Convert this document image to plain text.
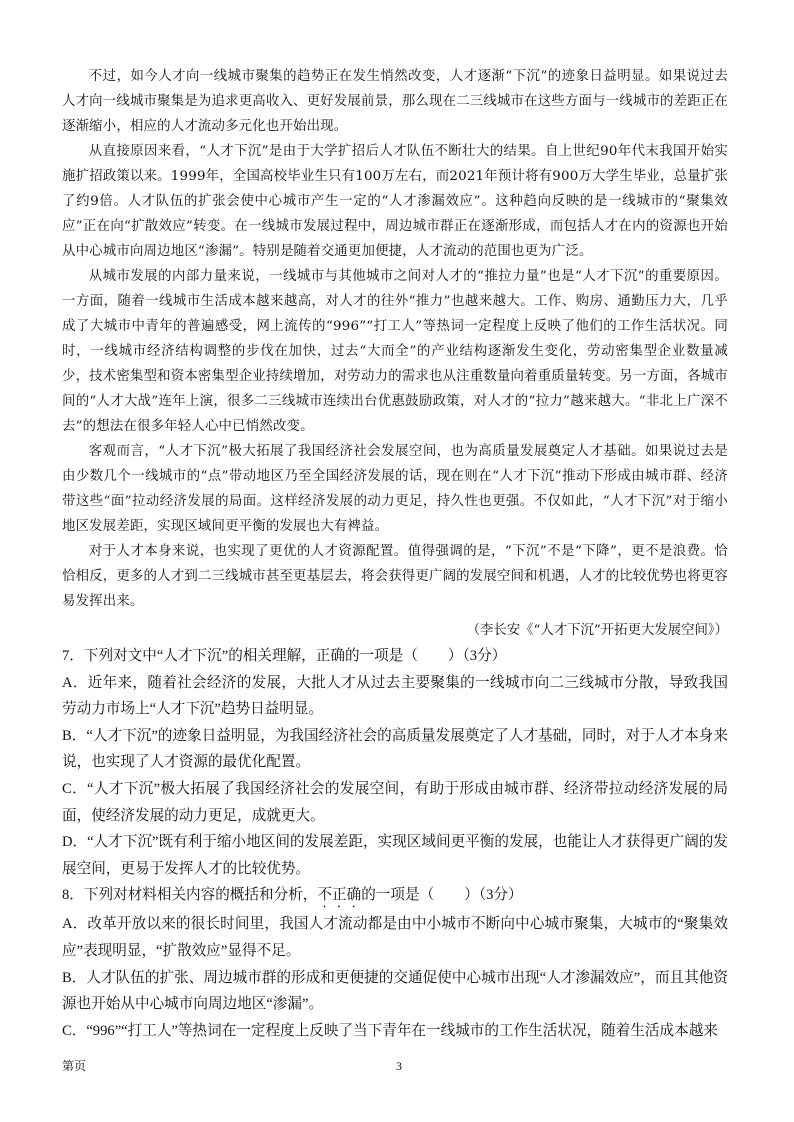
不过，如今人才向一线城市聚集的趋势正在发生悄然改变，人才逐渐“下沉”的迹象日益明显。如果说过去人才向一线城市聚集是为追求更高收入、更好发展前景，那么现在二三线城市在这些方面与一线城市的差距正在逐渐缩小，相应的人才流动多元化也开始出现。

从直接原因来看，“人才下沉”是由于大学扩招后人才队伍不断壮大的结果。自上世纪90年代末我国开始实施扩招政策以来。1999年，全国高校毕业生只有100万左右，而2021年预计将有900万大学生毕业，总量扩张了约9倍。人才队伍的扩张会使中心城市产生一定的“人才渗漏效应”。这种趋向反映的是一线城市的“聚集效应”正在向“扩散效应”转变。在一线城市发展过程中，周边城市群正在逐渐形成，而包括人才在内的资源也开始从中心城市向周边地区“渗漏”。特别是随着交通更加便捷，人才流动的范围也更为广泛。

从城市发展的内部力量来说，一线城市与其他城市之间对人才的“推拉力量”也是“人才下沉”的重要原因。一方面，随着一线城市生活成本越来越高，对人才的往外“推力”也越来越大。工作、购房、通勤压力大，几乎成了大城市中青年的普遍感受，网上流传的“996”“打工人”等热词一定程度上反映了他们的工作生活状况。同时，一线城市经济结构调整的步伐在加快，过去“大而全”的产业结构逐渐发生变化，劳动密集型企业数量减少，技术密集型和资本密集型企业持续增加，对劳动力的需求也从注重数量向着重质量转变。另一方面，各城市间的“人才大战”连年上演，很多二三线城市连续出台优惠鼓励政策，对人才的“拉力”越来越大。“非北上广深不去”的想法在很多年轻人心中已悄然改变。

客观而言，“人才下沉”极大拓展了我国经济社会发展空间，也为高质量发展奠定人才基础。如果说过去是由少数几个一线城市的“点”带动地区乃至全国经济发展的话，现在则在“人才下沉”推动下形成由城市群、经济带这些“面”拉动经济发展的局面。这样经济发展的动力更足，持久性也更强。不仅如此，“人才下沉”对于缩小地区发展差距，实现区域间更平衡的发展也大有裨益。

对于人才本身来说，也实现了更优的人才资源配置。值得强调的是，“下沉”不是“下降”，更不是浪费。恰恰相反，更多的人才到二三线城市甚至更基层去，将会获得更广阔的发展空间和机遇，人才的比较优势也将更容易发挥出来。

（李长安《“人才下沉”开拓更大发展空间》）
7．下列对文中“人才下沉”的相关理解，正确的一项是（ ）（3分）
A．近年来，随着社会经济的发展，大批人才从过去主要聚集的一线城市向二三线城市分散，导致我国劳动力市场上“人才下沉”趋势日益明显。
B．“人才下沉”的迹象日益明显，为我国经济社会的高质量发展奠定了人才基础，同时，对于人才本身来说，也实现了人才资源的最优化配置。
C．“人才下沉”极大拓展了我国经济社会的发展空间，有助于形成由城市群、经济带拉动经济发展的局面，使经济发展的动力更足，成就更大。
D．“人才下沉”既有利于缩小地区间的发展差距，实现区域间更平衡的发展，也能让人才获得更广阔的发展空间，更易于发挥人才的比较优势。
8．下列对材料相关内容的概括和分析，不正确的一项是（ ）（3分）
A．改革开放以来的很长时间里，我国人才流动都是由中小城市不断向中心城市聚集，大城市的“聚集效应”表现明显，“扩散效应”显得不足。
B．人才队伍的扩张、周边城市群的形成和更便捷的交通促使中心城市出现“人才渗漏效应”，而且其他资源也开始从中心城市向周边地区“渗漏”。
C．“996”“打工人”等热词在一定程度上反映了当下青年在一线城市的工作生活状况，随着生活成本越来
第页	3
